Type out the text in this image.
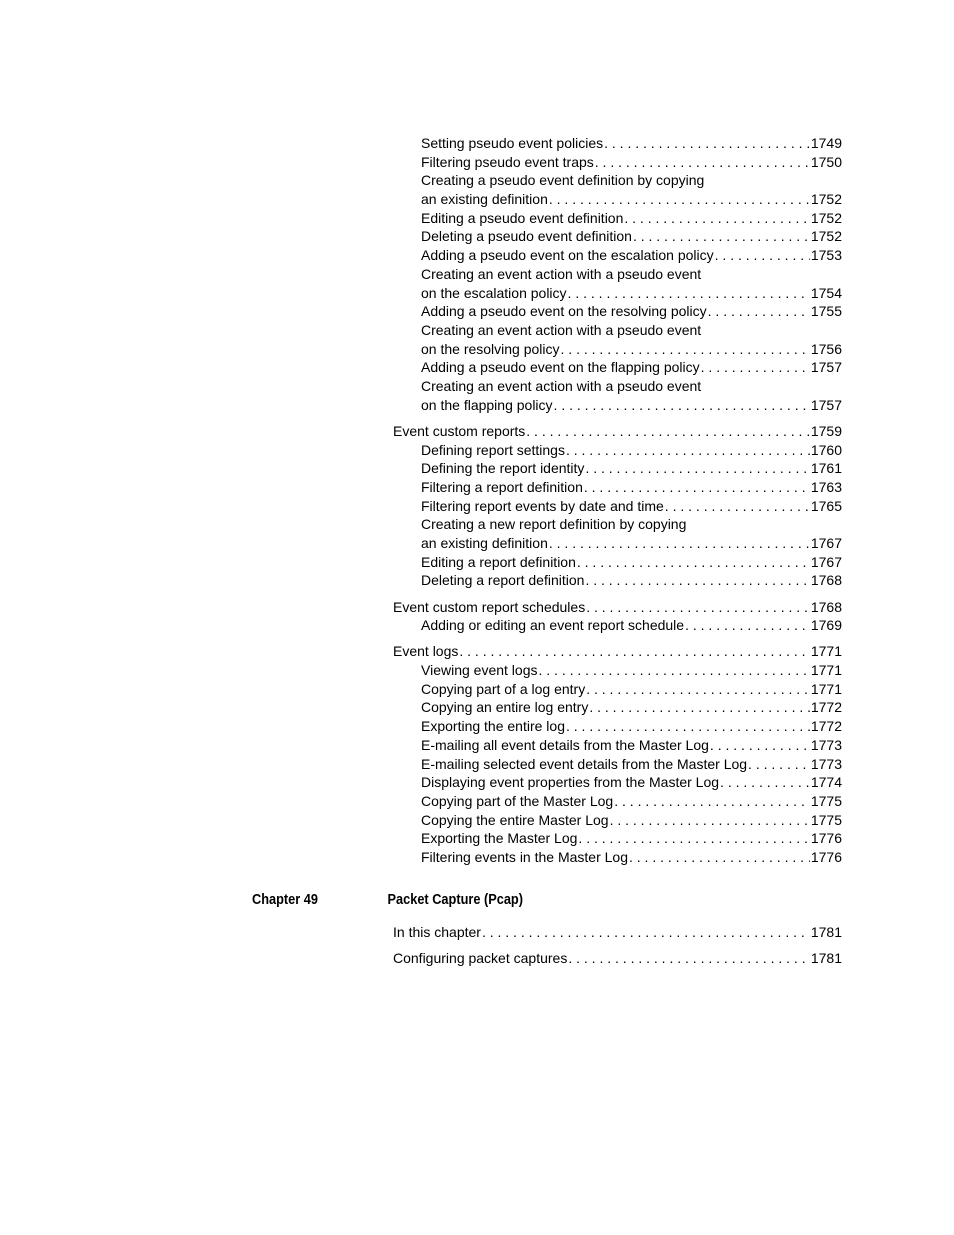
Setting pseudo event policies . . .	1749
Filtering pseudo event traps . . .	1750
Creating a pseudo event definition by copying
an existing definition . . .	1752
Editing a pseudo event definition . . .	1752
Deleting a pseudo event definition . . .	1752
Adding a pseudo event on the escalation policy . . .	1753
Creating an event action with a pseudo event
on the escalation policy . . .	1754
Adding a pseudo event on the resolving policy . . .	1755
Creating an event action with a pseudo event
on the resolving policy . . .	1756
Adding a pseudo event on the flapping policy . . .	1757
Creating an event action with a pseudo event
on the flapping policy . . .	1757
Event custom reports . . .	1759
Defining report settings . . .	1760
Defining the report identity . . .	1761
Filtering a report definition . . .	1763
Filtering report events by date and time . . .	1765
Creating a new report definition by copying
an existing definition . . .	1767
Editing a report definition . . .	1767
Deleting a report definition . . .	1768
Event custom report schedules . . .	1768
Adding or editing an event report schedule . . .	1769
Event logs . . .	1771
Viewing event logs . . .	1771
Copying part of a log entry . . .	1771
Copying an entire log entry . . .	1772
Exporting the entire log . . .	1772
E-mailing all event details from the Master Log . . .	1773
E-mailing selected event details from the Master Log . . .	1773
Displaying event properties from the Master Log . . .	1774
Copying part of the Master Log . . .	1775
Copying the entire Master Log . . .	1775
Exporting the Master Log . . .	1776
Filtering events in the Master Log . . .	1776
Chapter 49	Packet Capture (Pcap)
In this chapter . . .	1781
Configuring packet captures . . .	1781
